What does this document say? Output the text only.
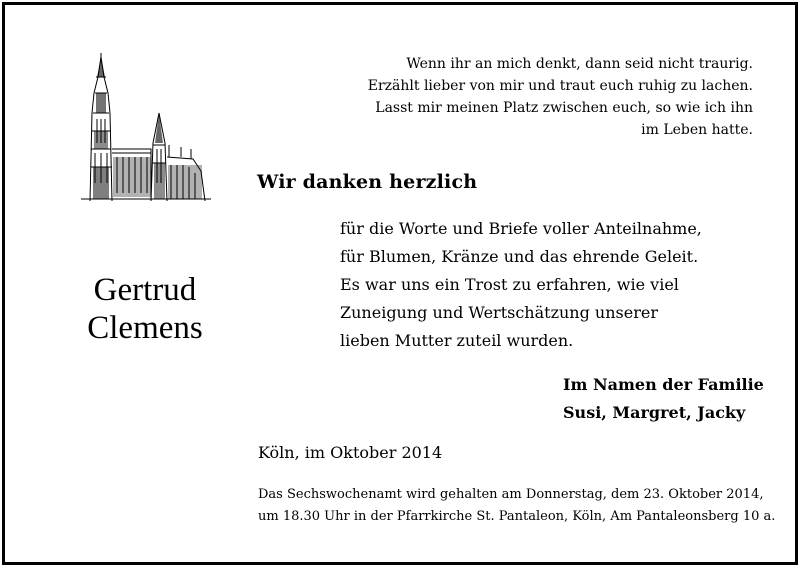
Wenn ihr an mich denkt, dann seid nicht traurig.
Erzählt lieber von mir und traut euch ruhig zu lachen.
Lasst mir meinen Platz zwischen euch, so wie ich ihn
im Leben hatte.
Wir danken herzlich
Gertrud
Clemens
für die Worte und Briefe voller Anteilnahme,
für Blumen, Kränze und das ehrende Geleit.
Es war uns ein Trost zu erfahren, wie viel
Zuneigung und Wertschätzung unserer
lieben Mutter zuteil wurden.
Im Namen der Familie
Susi, Margret, Jacky
Köln, im Oktober 2014
Das Sechswochenamt wird gehalten am Donnerstag, dem 23. Oktober 2014,
um 18.30 Uhr in der Pfarrkirche St. Pantaleon, Köln, Am Pantaleonsberg 10 a.
